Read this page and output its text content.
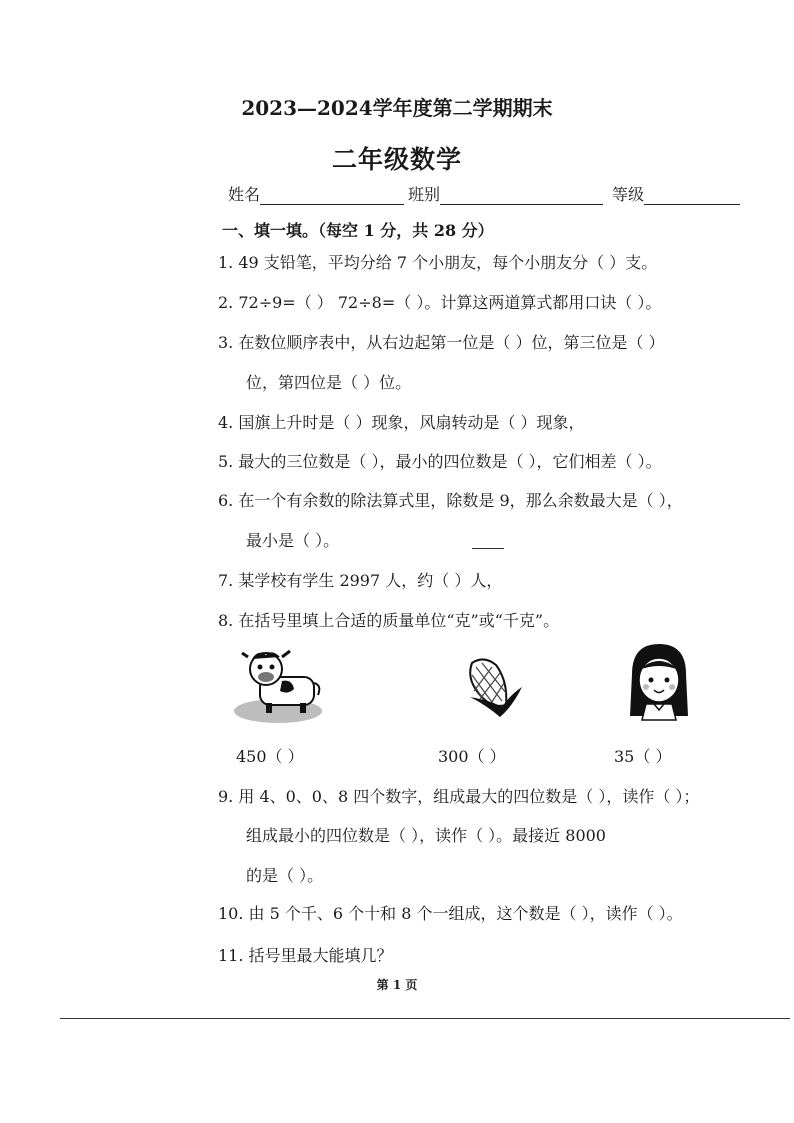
2023—2024学年度第二学期期末
二年级数学
姓名	班别	等级
一、填一填。（每空 1 分，共 28 分）
1. 49 支铅笔，平均分给 7 个小朋友，每个小朋友分（ ）支。
2. 72÷9=（ ） 72÷8=（ ）。计算这两道算式都用口诀（ ）。
3. 在数位顺序表中，从右边起第一位是（ ）位，第三位是（ ）
位，第四位是（ ）位。
4. 国旗上升时是（ ）现象，风扇转动是（ ）现象，
5. 最大的三位数是（ ），最小的四位数是（ ），它们相差（ ）。
6. 在一个有余数的除法算式里，除数是 9，那么余数最大是（ ），
最小是（ ）。
7. 某学校有学生 2997 人，约（ ）人，
8. 在括号里填上合适的质量单位“克”或“千克”。
450（ ）	300（ ）	35（ ）
9. 用 4、0、0、8 四个数字，组成最大的四位数是（ ），读作（ ）；
组成最小的四位数是（ ），读作（ ）。最接近 8000
的是（ ）。
10. 由 5 个千、6 个十和 8 个一组成，这个数是（ ），读作（ ）。
11. 括号里最大能填几？
第 1 页
